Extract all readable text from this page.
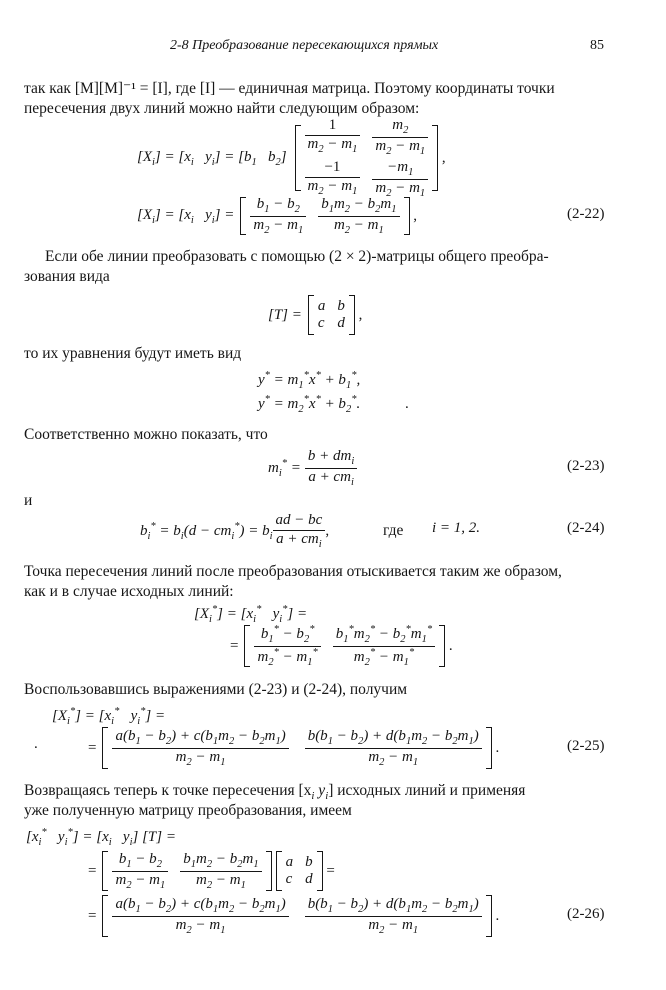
2-8 Преобразование пересекающихся прямых	85
так как [M][M]⁻¹ = [I], где [I] — единичная матрица. Поэтому координаты точки
пересечения двух линий можно найти следующим образом:
$[X_i] = [x_i$   $y_i] = [b_1$   $b_2] \frac{1}{m_2 - m_1} \frac{m_2}{m_2 - m_1}$
$\frac{-1}{m_2 - m_1} \frac{-m_1}{m_2 - m_1}$
,
$[X_i] = [x_i$   $y_i] = \frac{b_1 - b_2}{m_2 - m_1} \frac{b_1m_2 - b_2m_1}{m_2 - m_1}$ ,	(2-22)
Если обе линии преобразовать с помощью (2 × 2)-матрицы общего преобра-
зования вида
[T] =
a b
c d
,
то их уравнения будут иметь вид
$y^* = m_1^*x^* + b_1^*$,
$y^* = m_2^*x^* + b_2^*$.	.
Соответственно можно показать, что
$m_i^* = \frac{b + dm_i}{a + cm_i}$	(2-23)
и
$b_i^* = b_i(d - cm_i^*) = b_i \frac{ad - bc}{a + cm_i}$ ,	где i = 1, 2.	(2-24)
Точка пересечения линий после преобразования отыскивается таким же образом,
как и в случае исходных линий:
$[X_i^*] = [x_i^*$   $y_i^*$] =
= $\frac{b_1^* - b_2^*}{m_2^* - m_1^*} \frac{b_1^*m_2^* - b_2^*m_1^*}{m_2^* - m_1^*}$ .
Воспользовавшись выражениями (2-23) и (2-24), получим
$[X_i^*] = [x_i^*$   $y_i^*$] =
.	= $\frac{a(b_1 - b_2) + c(b_1m_2 - b_2m_1)}{m_2 - m_1} \frac{b(b_1 - b_2) + d(b_1m_2 - b_2m_1)}{m_2 - m_1}$ .	(2-25)
Возвращаясь теперь к точке пересечения [$x_i$ $y_i$] исходных линий и применяя
уже полученную матрицу преобразования, имеем
[$x_i^*$   $y_i^*] = [x_i$   $y_i$] [T] =
= $\frac{b_1 - b_2}{m_2 - m_1} \frac{b_1m_2 - b_2m_1}{m_2 - m_1}$ a b
c d
=
= $\frac{a(b_1 - b_2) + c(b_1m_2 - b_2m_1)}{m_2 - m_1} \frac{b(b_1 - b_2) + d(b_1m_2 - b_2m_1)}{m_2 - m_1}$ .	(2-26)
